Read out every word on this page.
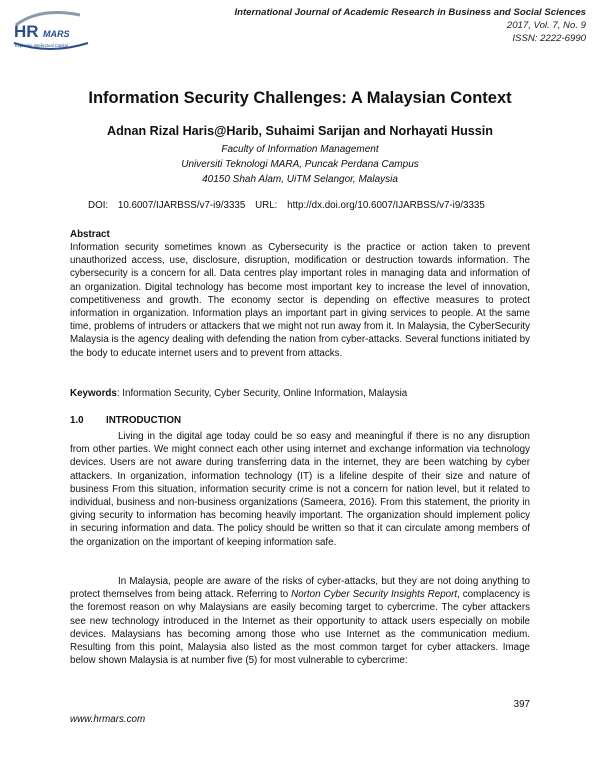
HR MARS
Exploring Intellectual Capital
International Journal of Academic Research in Business and Social Sciences
2017, Vol. 7, No. 9
ISSN: 2222-6990
Information Security Challenges: A Malaysian Context
Adnan Rizal Haris@Harib, Suhaimi Sarijan and Norhayati Hussin
Faculty of Information Management
Universiti Teknologi MARA, Puncak Perdana Campus
40150 Shah Alam, UiTM Selangor, Malaysia
DOI: 10.6007/IJARBSS/v7-i9/3335 URL: http://dx.doi.org/10.6007/IJARBSS/v7-i9/3335
Abstract
Information security sometimes known as Cybersecurity is the practice or action taken to prevent unauthorized access, use, disclosure, disruption, modification or destruction towards information. The cybersecurity is a concern for all. Data centres play important roles in managing data and information of an organization. Digital technology has become most important key to increase the level of innovation, competitiveness and growth. The economy sector is depending on effective measures to protect information in organization. Information plays an important part in giving services to people. At the same time, problems of intruders or attackers that we might not run away from it. In Malaysia, the CyberSecurity Malaysia is the agency dealing with defending the nation from cyber-attacks. Several functions initiated by the body to educate internet users and to prevent from attacks.
Keywords: Information Security, Cyber Security, Online Information, Malaysia
1.0 INTRODUCTION
Living in the digital age today could be so easy and meaningful if there is no any disruption from other parties. We might connect each other using internet and exchange information via technology devices. Users are not aware during transferring data in the internet, they are been watching by cyber attackers. In organization, information technology (IT) is a lifeline despite of their size and nature of business From this situation, information security crime is not a concern for nation level, but it related to individual, business and non-business organizations (Sameera, 2016). From this statement, the priority in giving security to information has becoming heavily important. The organization should implement policy in securing information and data. The policy should be written so that it can circulate among members of the organization on the important of keeping information safe.
In Malaysia, people are aware of the risks of cyber-attacks, but they are not doing anything to protect themselves from being attack. Referring to Norton Cyber Security Insights Report, complacency is the foremost reason on why Malaysians are easily becoming target to cybercrime. The cyber attackers see new technology introduced in the Internet as their opportunity to attack users especially on mobile devices. Malaysians has becoming among those who use Internet as the communication medium. Resulting from this point, Malaysia also listed as the most common target for cyber attackers. Image below shown Malaysia is at number five (5) for most vulnerable to cybercrime:
397
www.hrmars.com
